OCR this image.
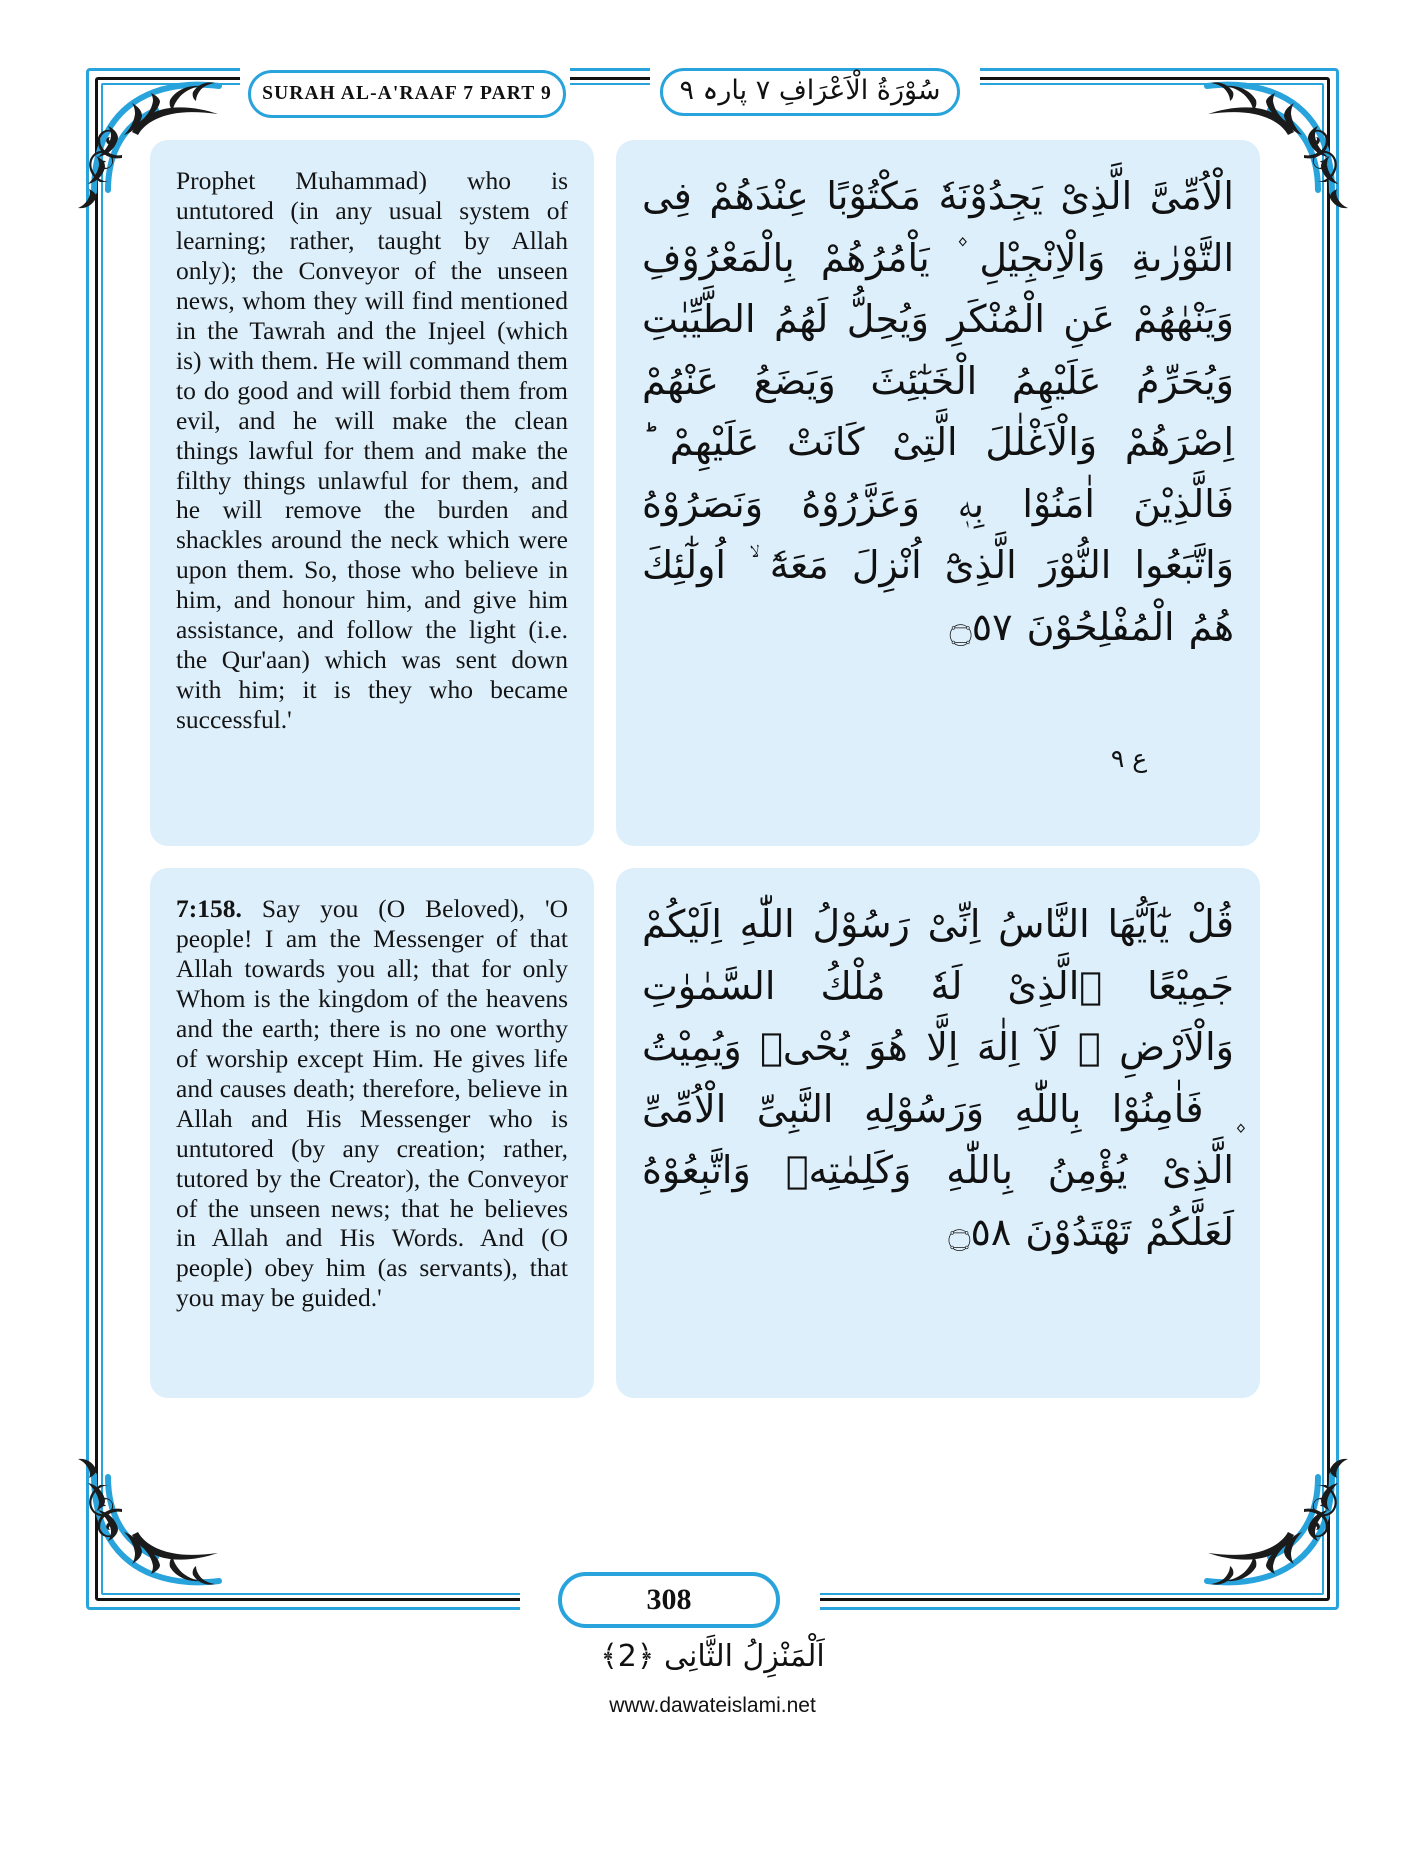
SURAH AL-A'RAAF 7 PART 9	سُوْرَةُ الْاَعْرَافِ ٧ پارہ ٩

Prophet Muhammad) who is untutored (in any usual system of learning; rather, taught by Allah only); the Conveyor of the unseen news, whom they will find mentioned in the Tawrah and the Injeel (which is) with them. He will command them to do good and will forbid them from evil, and he will make the clean things lawful for them and make the filthy things unlawful for them, and he will remove the burden and shackles around the neck which were upon them. So, those who believe in him, and honour him, and give him assistance, and follow the light (i.e. the Qur'aan) which was sent down with him; it is they who became successful.'

الْاُمِّىَّ الَّذِىْ يَجِدُوْنَهٗ مَكْتُوْبًا عِنْدَهُمْ فِى التَّوْرٰىةِ وَالْاِنْجِيْلِ ۫ يَاْمُرُهُمْ بِالْمَعْرُوْفِ وَيَنْهٰهُمْ عَنِ الْمُنْكَرِ وَيُحِلُّ لَهُمُ الطَّيِّبٰتِ وَيُحَرِّمُ عَلَيْهِمُ الْخَبٰٓئِثَ وَيَضَعُ عَنْهُمْ اِصْرَهُمْ وَالْاَغْلٰلَ الَّتِىْ كَانَتْ عَلَيْهِمْ ؕ فَالَّذِيْنَ اٰمَنُوْا بِهٖ وَعَزَّرُوْهُ وَنَصَرُوْهُ وَاتَّبَعُوا النُّوْرَ الَّذِىْٓ اُنْزِلَ مَعَهٗٓ ۙ اُولٰٓئِكَ هُمُ الْمُفْلِحُوْنَ ۝٥٧

7:158. Say you (O Beloved), 'O people! I am the Messenger of that Allah towards you all; that for only Whom is the kingdom of the heavens and the earth; there is no one worthy of worship except Him. He gives life and causes death; therefore, believe in Allah and His Messenger who is untutored (by any creation; rather, tutored by the Creator), the Conveyor of the unseen news; that he believes in Allah and His Words. And (O people) obey him (as servants), that you may be guided.'

قُلْ يٰٓاَيُّهَا النَّاسُ اِنِّىْ رَسُوْلُ اللّٰهِ اِلَيْكُمْ جَمِيْعًا ۨالَّذِىْ لَهٗ مُلْكُ السَّمٰوٰتِ وَالْاَرْضِ ۚ لَآ اِلٰهَ اِلَّا هُوَ يُحْىٖ وَيُمِيْتُ ۪ فَاٰمِنُوْا بِاللّٰهِ وَرَسُوْلِهِ النَّبِىِّ الْاُمِّىِّ الَّذِىْ يُؤْمِنُ بِاللّٰهِ وَكَلِمٰتِهٖ وَاتَّبِعُوْهُ لَعَلَّكُمْ تَهْتَدُوْنَ ۝٥٨

ع ٩
308
اَلْمَنْزِلُ الثَّانِى ﴿2﴾
www.dawateislami.net
